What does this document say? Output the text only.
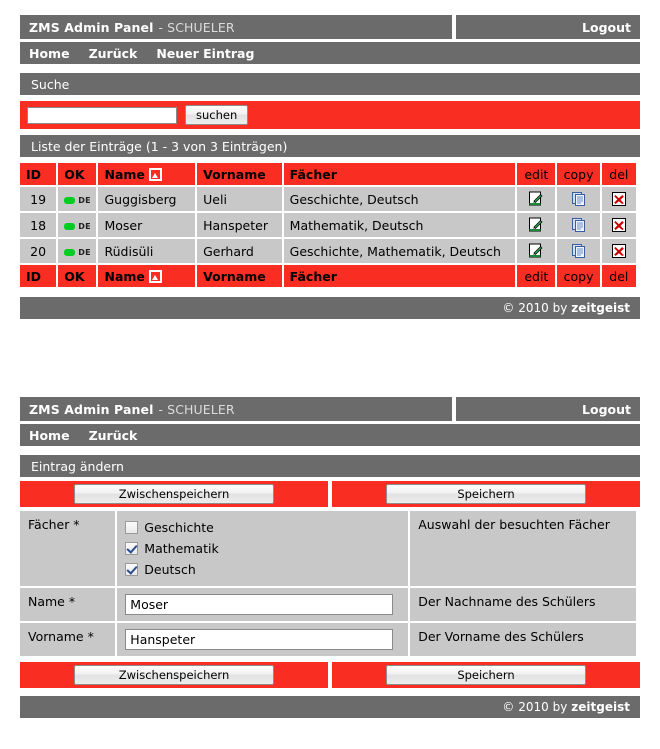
ZMS Admin Panel - SCHUELER	Logout
Home Zurück Neuer Eintrag
Suche
suchen
Liste der Einträge (1 - 3 von 3 Einträgen)
ID	OK	Name	Vorname	Fächer	edit	copy	del
19	DE	Guggisberg	Ueli	Geschichte, Deutsch			
18	DE	Moser	Hanspeter	Mathematik, Deutsch			
20	DE	Rüdisüli	Gerhard	Geschichte, Mathematik, Deutsch			
ID	OK	Name	Vorname	Fächer	edit	copy	del
© 2010 by zeitgeist
ZMS Admin Panel - SCHUELER	Logout
Home Zurück
Eintrag ändern
Zwischenspeichern	Speichern
Fächer *	Geschichte
Mathematik
Deutsch	Auswahl der besuchten Fächer
Name *	Moser	Der Nachname des Schülers
Vorname *	Hanspeter	Der Vorname des Schülers
Zwischenspeichern	Speichern
© 2010 by zeitgeist
